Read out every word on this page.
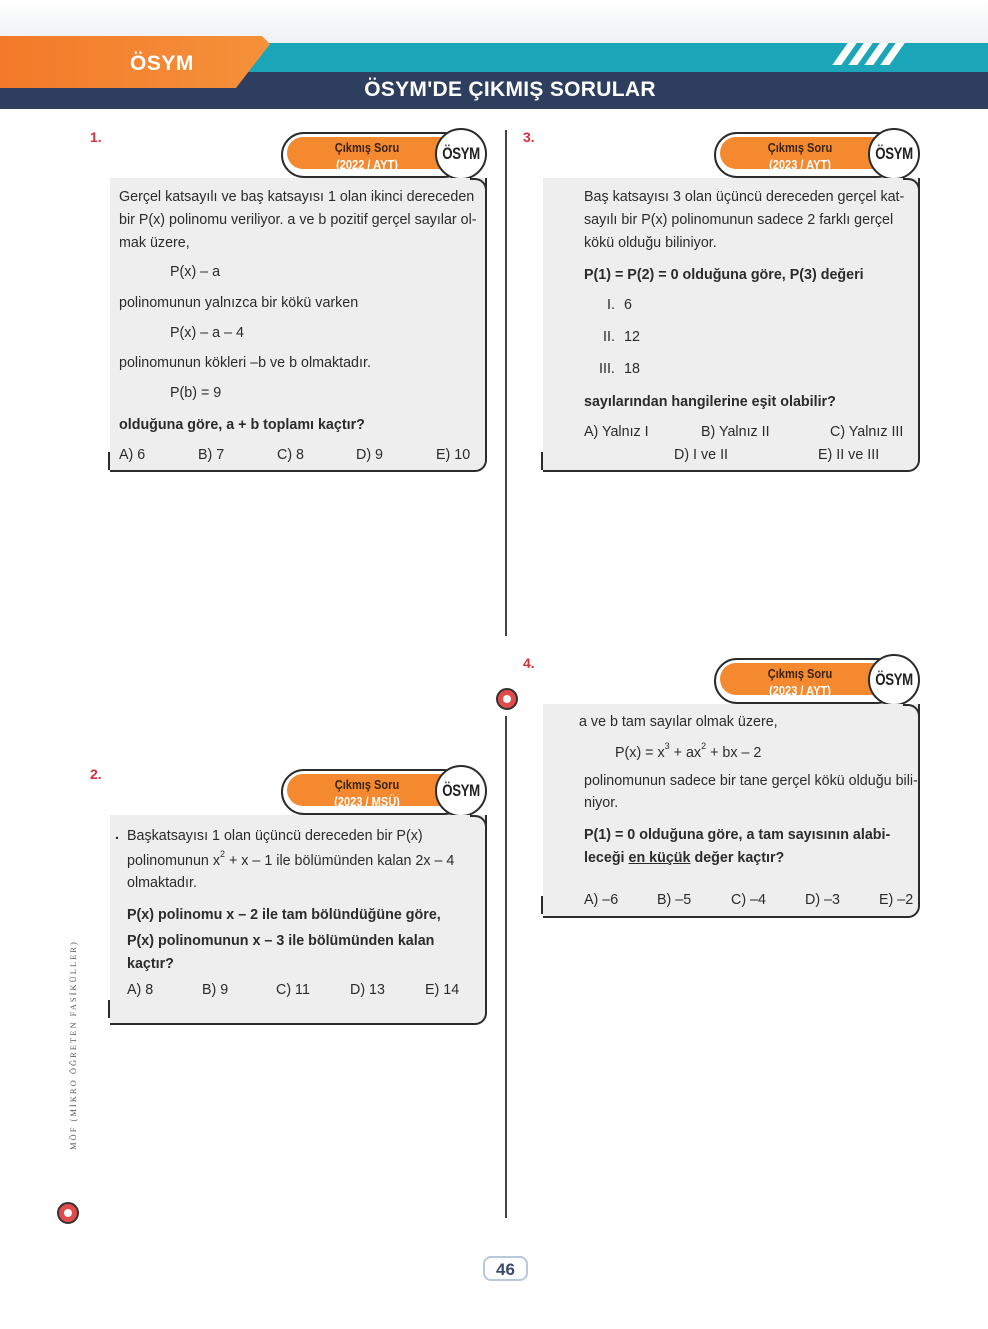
ÖSYM
ÖSYM'DE ÇIKMIŞ SORULAR
1.
Çıkmış Soru
(2022 / AYT)
ÖSYM
Gerçel katsayılı ve baş katsayısı 1 olan ikinci dereceden
bir P(x) polinomu veriliyor. a ve b pozitif gerçel sayılar ol-
mak üzere,
P(x) – a
polinomunun yalnızca bir kökü varken
P(x) – a – 4
polinomunun kökleri –b ve b olmaktadır.
P(b) = 9
olduğuna göre, a + b toplamı kaçtır?
A) 6	B) 7	C) 8	D) 9	E) 10
2.
Çıkmış Soru
(2023 / MSÜ)
ÖSYM
. Başkatsayısı 1 olan üçüncü dereceden bir P(x)
polinomunun $x^2 + x - 1$ ile bölümünden kalan 2x – 4
olmaktadır.
P(x) polinomu x – 2 ile tam bölündüğüne göre,
P(x) polinomunun x – 3 ile bölümünden kalan
kaçtır?
A) 8	B) 9	C) 11	D) 13	E) 14
3.
Çıkmış Soru
(2023 / AYT)
ÖSYM
Baş katsayısı 3 olan üçüncü dereceden gerçel kat-
sayılı bir P(x) polinomunun sadece 2 farklı gerçel
kökü olduğu biliniyor.
P(1) = P(2) = 0 olduğuna göre, P(3) değeri
I. 6
II. 12
III. 18
sayılarından hangilerine eşit olabilir?
A) Yalnız I	B) Yalnız II	C) Yalnız III
D) I ve II	E) II ve III
4.
Çıkmış Soru
(2023 / AYT)
ÖSYM
a ve b tam sayılar olmak üzere,
$P(x) = x^3 + ax^2$ + bx – 2
polinomunun sadece bir tane gerçel kökü olduğu bili-
niyor.
P(1) = 0 olduğuna göre, a tam sayısının alabi-
leceği en küçük değer kaçtır?
A) –6	B) –5	C) –4	D) –3	E) –2
MÖF (MİKRO ÖĞRETEN FASİKÜLLER)
46
